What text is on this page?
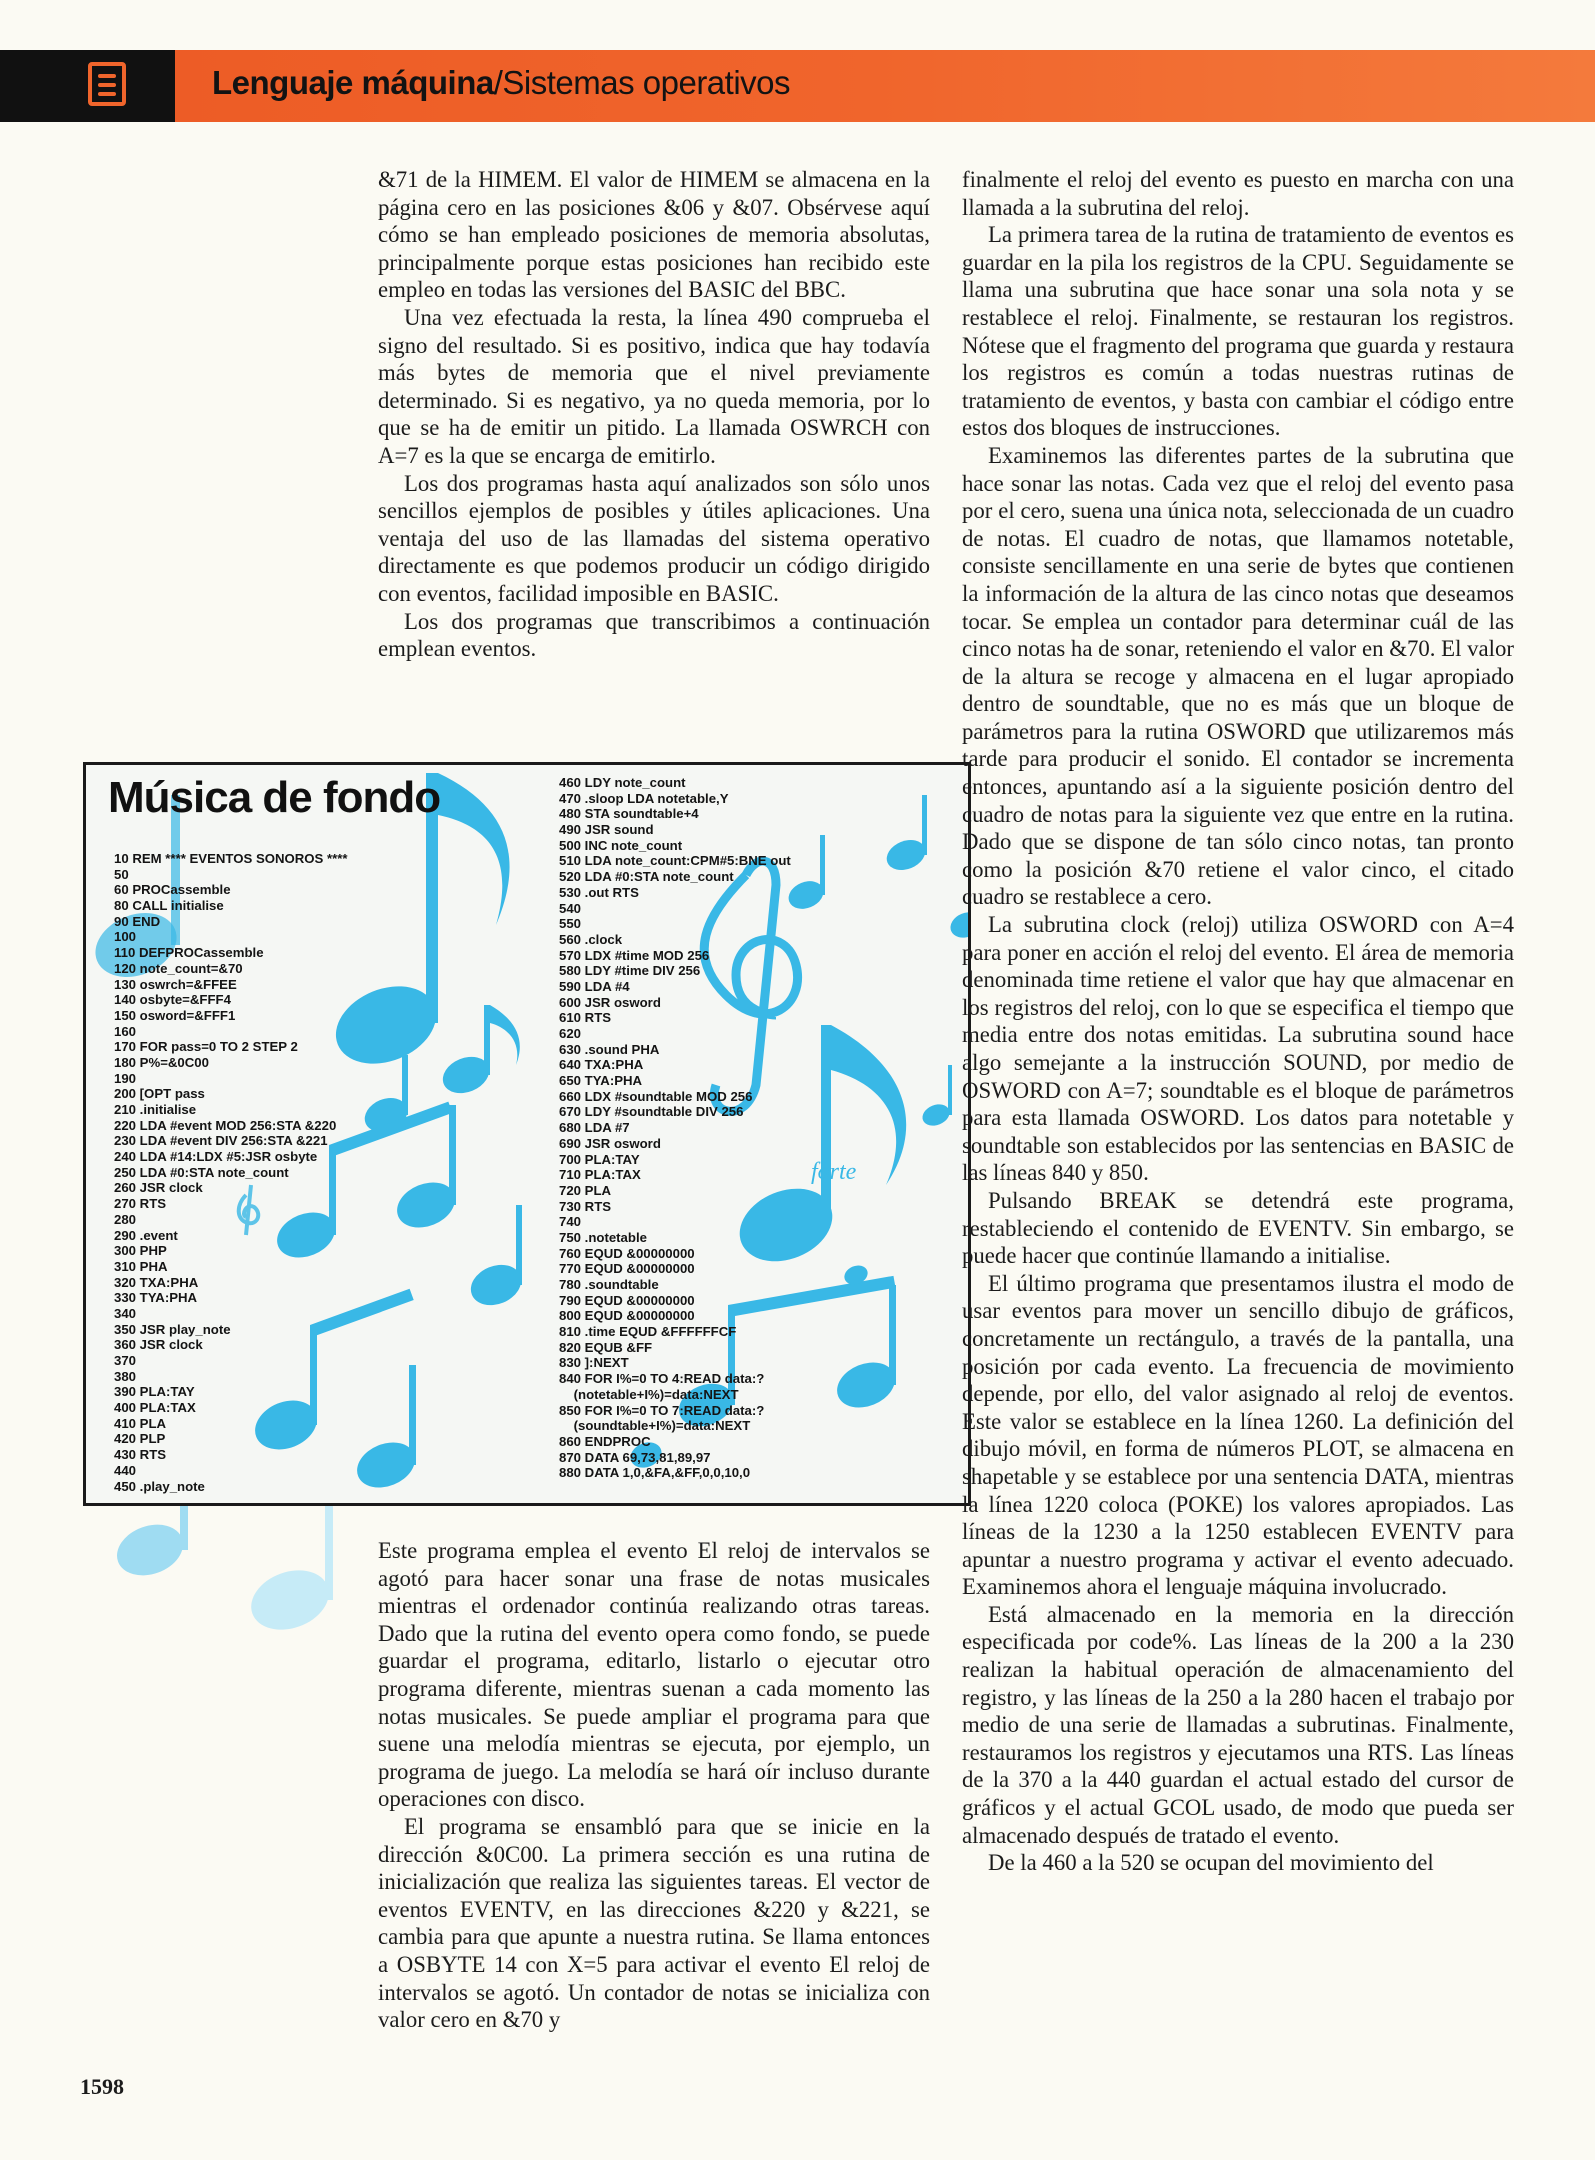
Lenguaje máquina/Sistemas operativos

&71 de la HIMEM. El valor de HIMEM se almacena en la página cero en las posiciones &06 y &07. Obsérvese aquí cómo se han empleado posiciones de memoria absolutas, principalmente porque estas posiciones han recibido este empleo en todas las versiones del BASIC del BBC.

Una vez efectuada la resta, la línea 490 comprueba el signo del resultado. Si es positivo, indica que hay todavía más bytes de memoria que el nivel previamente determinado. Si es negativo, ya no queda memoria, por lo que se ha de emitir un pitido. La llamada OSWRCH con A=7 es la que se encarga de emitirlo.

Los dos programas hasta aquí analizados son sólo unos sencillos ejemplos de posibles y útiles aplicaciones. Una ventaja del uso de las llamadas del sistema operativo directamente es que podemos producir un código dirigido con eventos, facilidad imposible en BASIC.

Los dos programas que transcribimos a continuación emplean eventos.

forte
Música de fondo
10 REM **** EVENTOS SONOROS ****
50
60 PROCassemble
80 CALL initialise
90 END
100
110 DEFPROCassemble
120 note_count=&70
130 oswrch=&FFEE
140 osbyte=&FFF4
150 osword=&FFF1
160
170 FOR pass=0 TO 2 STEP 2
180 P%=&0C00
190
200 [OPT pass
210 .initialise
220 LDA #event MOD 256:STA &220
230 LDA #event DIV 256:STA &221
240 LDA #14:LDX #5:JSR osbyte
250 LDA #0:STA note_count
260 JSR clock
270 RTS
280
290 .event
300 PHP
310 PHA
320 TXA:PHA
330 TYA:PHA
340
350 JSR play_note
360 JSR clock
370
380
390 PLA:TAY
400 PLA:TAX
410 PLA
420 PLP
430 RTS
440
450 .play_note
460 LDY note_count
470 .sloop LDA notetable,Y
480 STA soundtable+4
490 JSR sound
500 INC note_count
510 LDA note_count:CPM#5:BNE out
520 LDA #0:STA note_count
530 .out RTS
540
550
560 .clock
570 LDX #time MOD 256
580 LDY #time DIV 256
590 LDA #4
600 JSR osword
610 RTS
620
630 .sound PHA
640 TXA:PHA
650 TYA:PHA
660 LDX #soundtable MOD 256
670 LDY #soundtable DIV 256
680 LDA #7
690 JSR osword
700 PLA:TAY
710 PLA:TAX
720 PLA
730 RTS
740
750 .notetable
760 EQUD &00000000
770 EQUD &00000000
780 .soundtable
790 EQUD &00000000
800 EQUD &00000000
810 .time EQUD &FFFFFFCF
820 EQUB &FF
830 ]:NEXT
840 FOR I%=0 TO 4:READ data:?
(notetable+I%)=data:NEXT
850 FOR I%=0 TO 7:READ data:?
(soundtable+I%)=data:NEXT
860 ENDPROC
870 DATA 69,73,81,89,97
880 DATA 1,0,&FA,&FF,0,0,10,0

Este programa emplea el evento El reloj de intervalos se agotó para hacer sonar una frase de notas musicales mientras el ordenador continúa realizando otras tareas. Dado que la rutina del evento opera como fondo, se puede guardar el programa, editarlo, listarlo o ejecutar otro programa diferente, mientras suenan a cada momento las notas musicales. Se puede ampliar el programa para que suene una melodía mientras se ejecuta, por ejemplo, un programa de juego. La melodía se hará oír incluso durante operaciones con disco.

El programa se ensambló para que se inicie en la dirección &0C00. La primera sección es una rutina de inicialización que realiza las siguientes tareas. El vector de eventos EVENTV, en las direcciones &220 y &221, se cambia para que apunte a nuestra rutina. Se llama entonces a OSBYTE 14 con X=5 para activar el evento El reloj de intervalos se agotó. Un contador de notas se inicializa con valor cero en &70 y

finalmente el reloj del evento es puesto en marcha con una llamada a la subrutina del reloj.

La primera tarea de la rutina de tratamiento de eventos es guardar en la pila los registros de la CPU. Seguidamente se llama una subrutina que hace sonar una sola nota y se restablece el reloj. Finalmente, se restauran los registros. Nótese que el fragmento del programa que guarda y restaura los registros es común a todas nuestras rutinas de tratamiento de eventos, y basta con cambiar el código entre estos dos bloques de instrucciones.

Examinemos las diferentes partes de la subrutina que hace sonar las notas. Cada vez que el reloj del evento pasa por el cero, suena una única nota, seleccionada de un cuadro de notas. El cuadro de notas, que llamamos notetable, consiste sencillamente en una serie de bytes que contienen la información de la altura de las cinco notas que deseamos tocar. Se emplea un contador para determinar cuál de las cinco notas ha de sonar, reteniendo el valor en &70. El valor de la altura se recoge y almacena en el lugar apropiado dentro de soundtable, que no es más que un bloque de parámetros para la rutina OSWORD que utilizaremos más tarde para producir el sonido. El contador se incrementa entonces, apuntando así a la siguiente posición dentro del cuadro de notas para la siguiente vez que entre en la rutina. Dado que se dispone de tan sólo cinco notas, tan pronto como la posición &70 retiene el valor cinco, el citado cuadro se restablece a cero.

La subrutina clock (reloj) utiliza OSWORD con A=4 para poner en acción el reloj del evento. El área de memoria denominada time retiene el valor que hay que almacenar en los registros del reloj, con lo que se especifica el tiempo que media entre dos notas emitidas. La subrutina sound hace algo semejante a la instrucción SOUND, por medio de OSWORD con A=7; soundtable es el bloque de parámetros para esta llamada OSWORD. Los datos para notetable y soundtable son establecidos por las sentencias en BASIC de las líneas 840 y 850.

Pulsando BREAK se detendrá este programa, restableciendo el contenido de EVENTV. Sin embargo, se puede hacer que continúe llamando a initialise.

El último programa que presentamos ilustra el modo de usar eventos para mover un sencillo dibujo de gráficos, concretamente un rectángulo, a través de la pantalla, una posición por cada evento. La frecuencia de movimiento depende, por ello, del valor asignado al reloj de eventos. Este valor se establece en la línea 1260. La definición del dibujo móvil, en forma de números PLOT, se almacena en shapetable y se establece por una sentencia DATA, mientras la línea 1220 coloca (POKE) los valores apropiados. Las líneas de la 1230 a la 1250 establecen EVENTV para apuntar a nuestro programa y activar el evento adecuado. Examinemos ahora el lenguaje máquina involucrado.

Está almacenado en la memoria en la dirección especificada por code%. Las líneas de la 200 a la 230 realizan la habitual operación de almacenamiento del registro, y las líneas de la 250 a la 280 hacen el trabajo por medio de una serie de llamadas a subrutinas. Finalmente, restauramos los registros y ejecutamos una RTS. Las líneas de la 370 a la 440 guardan el actual estado del cursor de gráficos y el actual GCOL usado, de modo que pueda ser almacenado después de tratado el evento.

De la 460 a la 520 se ocupan del movimiento del

1598
